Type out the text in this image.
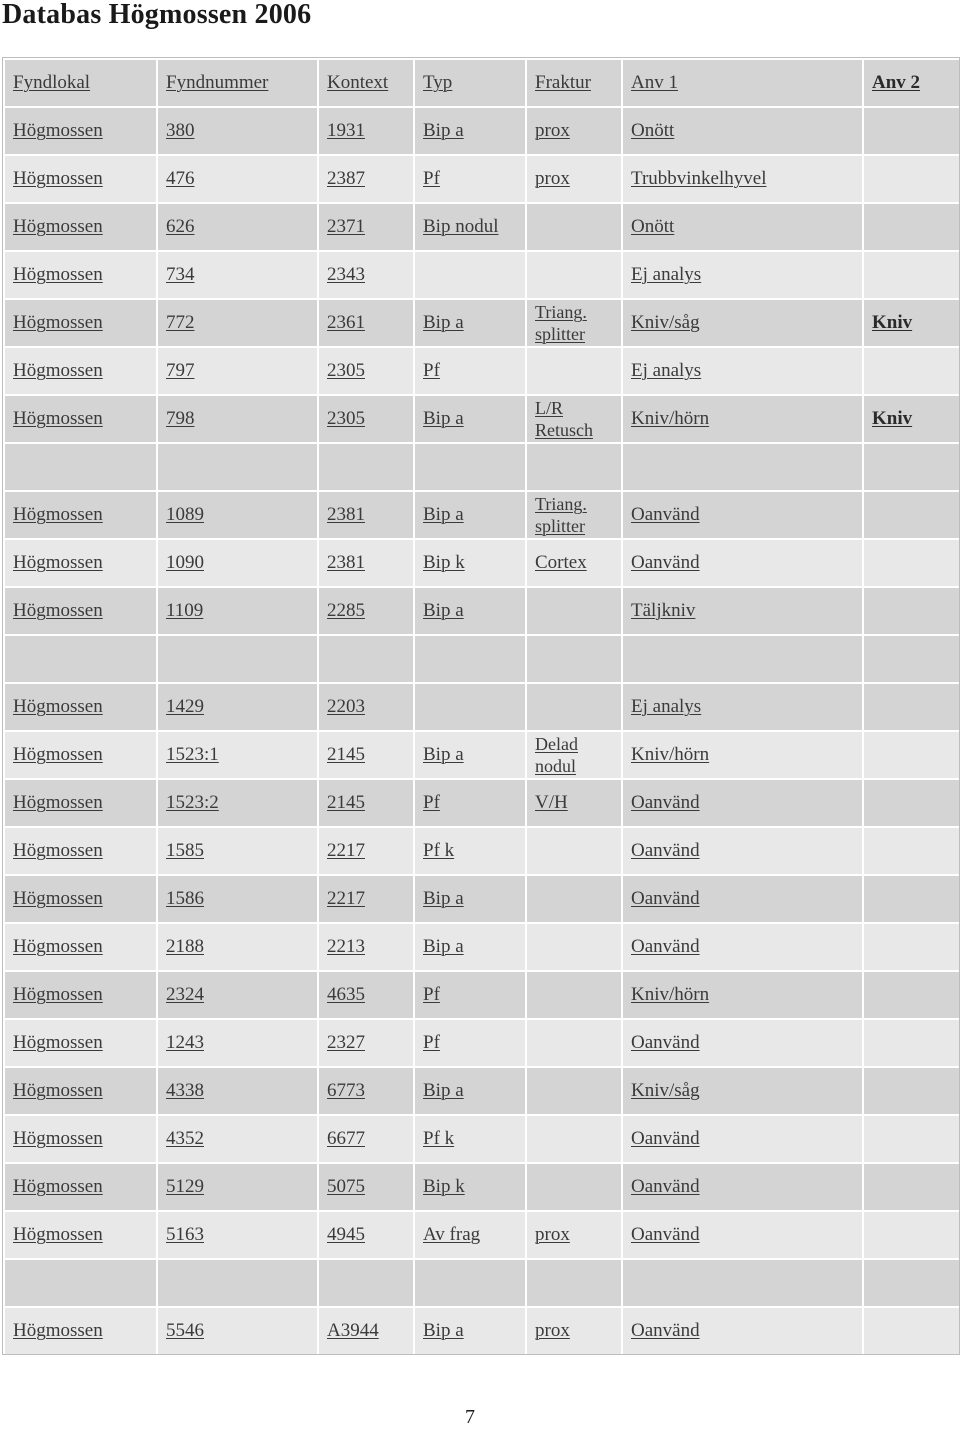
Databas Högmossen 2006
Fyndlokal	Fyndnummer	Kontext	Typ	Fraktur	Anv 1	Anv 2
Högmossen	380	1931	Bip a	prox	Onött	
Högmossen	476	2387	Pf	prox	Trubbvinkelhyvel	
Högmossen	626	2371	Bip nodul		Onött	
Högmossen	734	2343			Ej analys	
Högmossen	772	2361	Bip a	Triang. splitter	Kniv/såg	Kniv
Högmossen	797	2305	Pf		Ej analys	
Högmossen	798	2305	Bip a	L/R Retusch	Kniv/hörn	Kniv

Högmossen	1089	2381	Bip a	Triang. splitter	Oanvänd	
Högmossen	1090	2381	Bip k	Cortex	Oanvänd	
Högmossen	1109	2285	Bip a		Täljkniv	

Högmossen	1429	2203			Ej analys	
Högmossen	1523:1	2145	Bip a	Delad nodul	Kniv/hörn	
Högmossen	1523:2	2145	Pf	V/H	Oanvänd	
Högmossen	1585	2217	Pf k		Oanvänd	
Högmossen	1586	2217	Bip a		Oanvänd	
Högmossen	2188	2213	Bip a		Oanvänd	
Högmossen	2324	4635	Pf		Kniv/hörn	
Högmossen	1243	2327	Pf		Oanvänd	
Högmossen	4338	6773	Bip a		Kniv/såg	
Högmossen	4352	6677	Pf k		Oanvänd	
Högmossen	5129	5075	Bip k		Oanvänd	
Högmossen	5163	4945	Av frag	prox	Oanvänd	

Högmossen	5546	A3944	Bip a	prox	Oanvänd	
7
